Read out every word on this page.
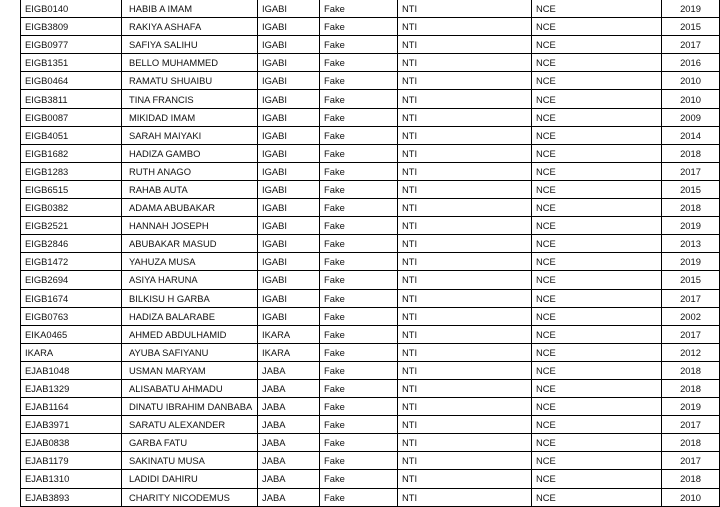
EIGB0140	HABIB A IMAM	IGABI	Fake	NTI	NCE	2019
EIGB3809	RAKIYA ASHAFA	IGABI	Fake	NTI	NCE	2015
EIGB0977	SAFIYA SALIHU	IGABI	Fake	NTI	NCE	2017
EIGB1351	BELLO MUHAMMED	IGABI	Fake	NTI	NCE	2016
EIGB0464	RAMATU SHUAIBU	IGABI	Fake	NTI	NCE	2010
EIGB3811	TINA FRANCIS	IGABI	Fake	NTI	NCE	2010
EIGB0087	MIKIDAD IMAM	IGABI	Fake	NTI	NCE	2009
EIGB4051	SARAH MAIYAKI	IGABI	Fake	NTI	NCE	2014
EIGB1682	HADIZA GAMBO	IGABI	Fake	NTI	NCE	2018
EIGB1283	RUTH ANAGO	IGABI	Fake	NTI	NCE	2017
EIGB6515	RAHAB AUTA	IGABI	Fake	NTI	NCE	2015
EIGB0382	ADAMA ABUBAKAR	IGABI	Fake	NTI	NCE	2018
EIGB2521	HANNAH JOSEPH	IGABI	Fake	NTI	NCE	2019
EIGB2846	ABUBAKAR MASUD	IGABI	Fake	NTI	NCE	2013
EIGB1472	YAHUZA MUSA	IGABI	Fake	NTI	NCE	2019
EIGB2694	ASIYA HARUNA	IGABI	Fake	NTI	NCE	2015
EIGB1674	BILKISU H GARBA	IGABI	Fake	NTI	NCE	2017
EIGB0763	HADIZA BALARABE	IGABI	Fake	NTI	NCE	2002
EIKA0465	AHMED ABDULHAMID	IKARA	Fake	NTI	NCE	2017
IKARA	AYUBA SAFIYANU	IKARA	Fake	NTI	NCE	2012
EJAB1048	USMAN MARYAM	JABA	Fake	NTI	NCE	2018
EJAB1329	ALISABATU AHMADU	JABA	Fake	NTI	NCE	2018
EJAB1164	DINATU IBRAHIM DANBABA	JABA	Fake	NTI	NCE	2019
EJAB3971	SARATU ALEXANDER	JABA	Fake	NTI	NCE	2017
EJAB0838	GARBA FATU	JABA	Fake	NTI	NCE	2018
EJAB1179	SAKINATU MUSA	JABA	Fake	NTI	NCE	2017
EJAB1310	LADIDI DAHIRU	JABA	Fake	NTI	NCE	2018
EJAB3893	CHARITY NICODEMUS	JABA	Fake	NTI	NCE	2010
